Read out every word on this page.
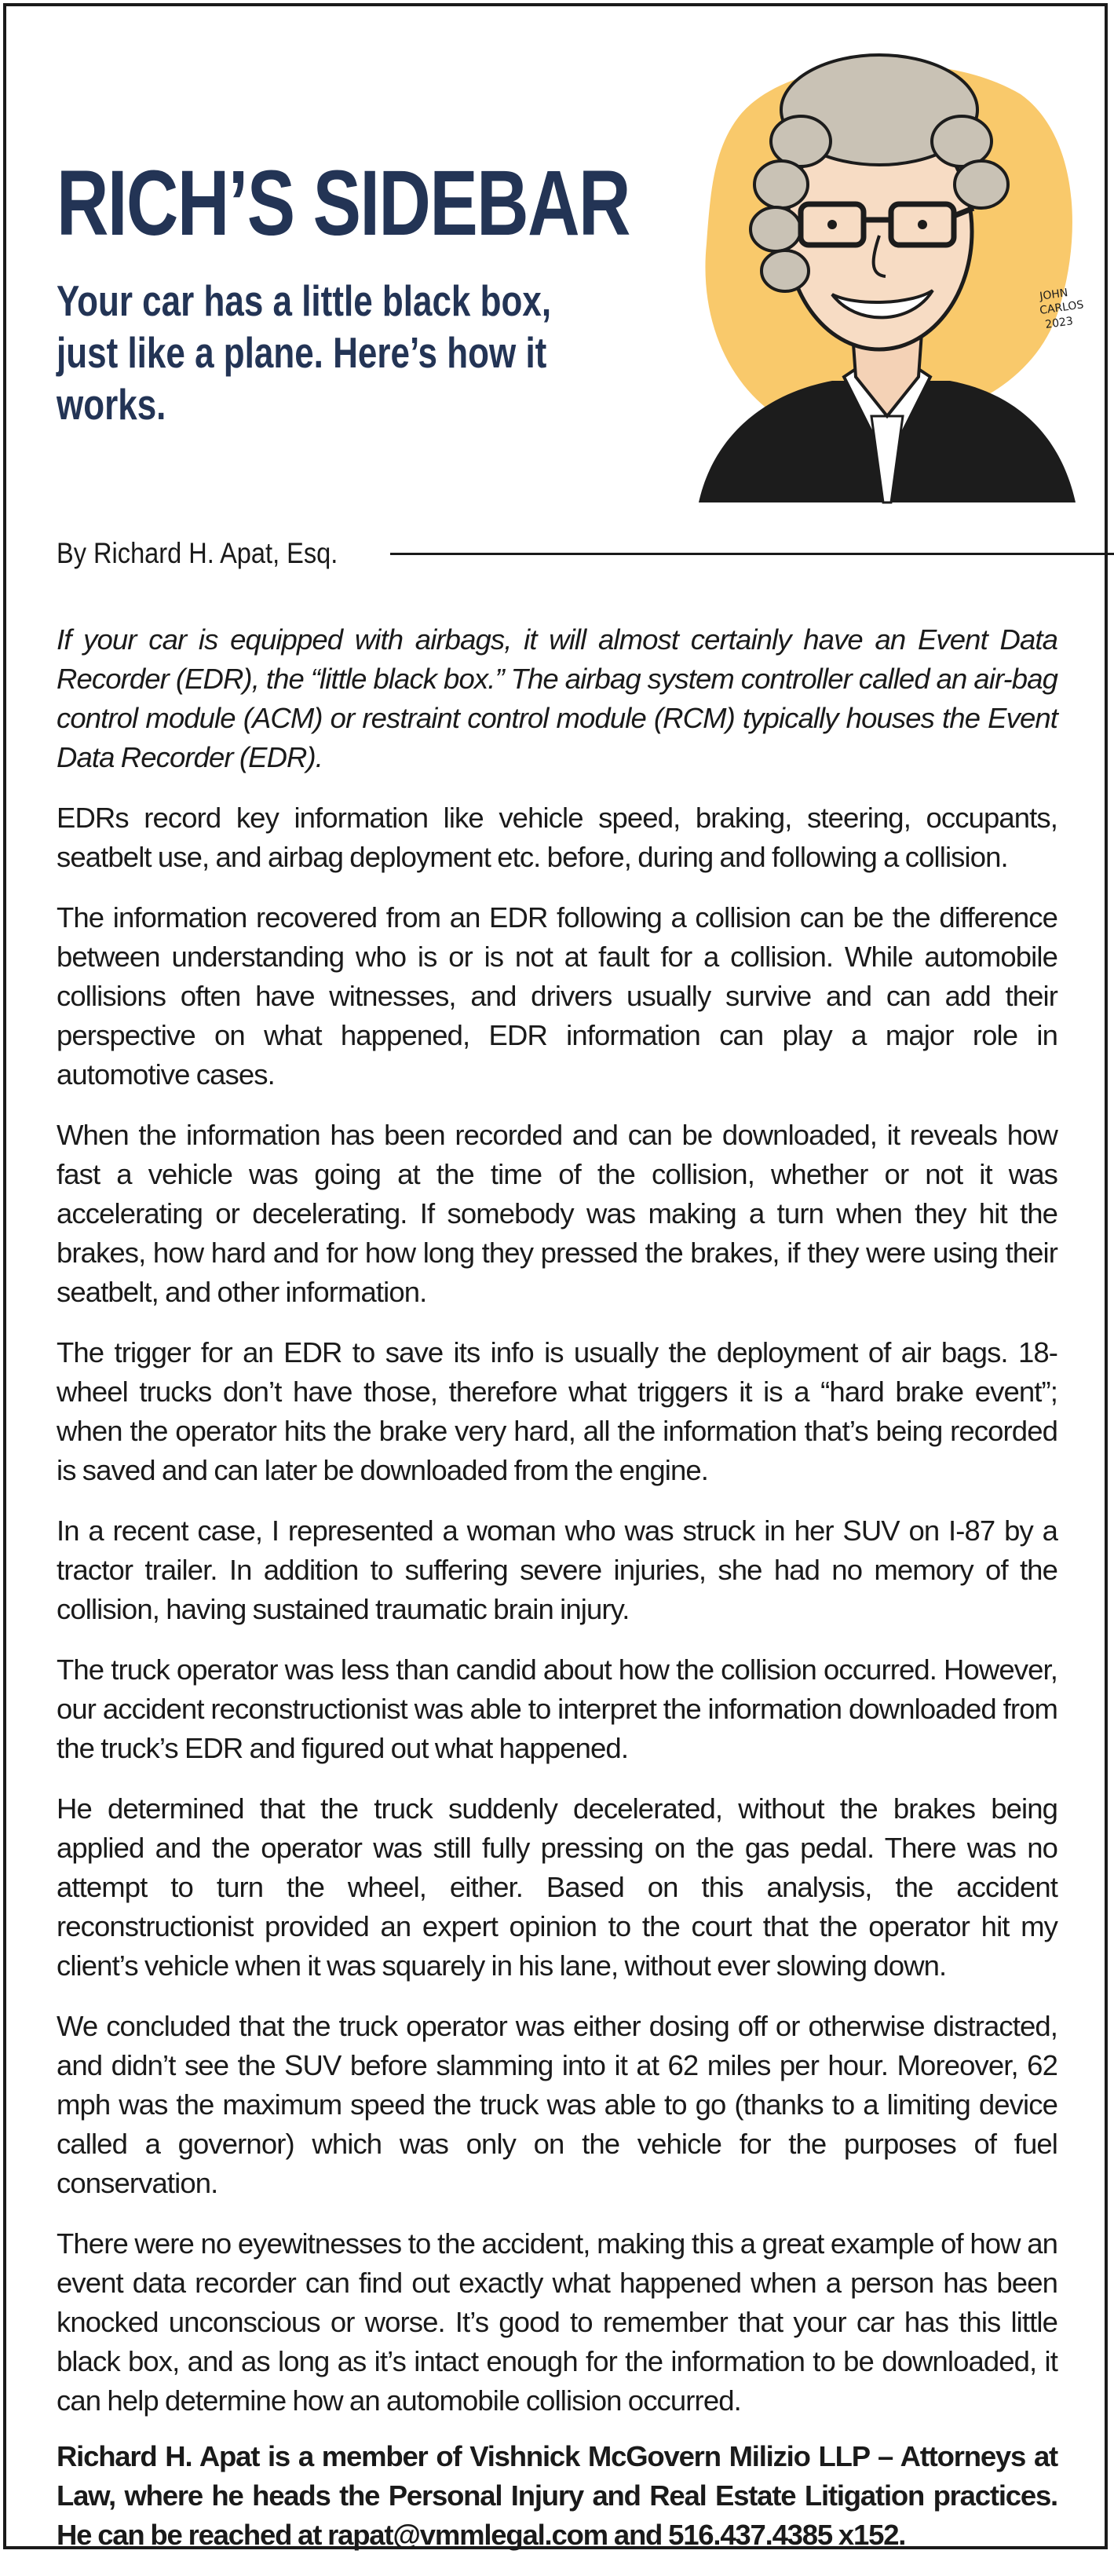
RICH’S SIDEBAR
Your car has a little black box, just like a plane. Here’s how it works.
JOHN
CARLOS
2023
By Richard H. Apat, Esq.

If your car is equipped with airbags, it will almost certainly have an Event Data Recorder (EDR), the “little black box.” The airbag system controller called an air-bag control module (ACM) or restraint control module (RCM) typically houses the Event Data Recorder (EDR).

EDRs record key information like vehicle speed, braking, steering, occupants, seatbelt use, and airbag deployment etc. before, during and following a collision.

The information recovered from an EDR following a collision can be the difference between understanding who is or is not at fault for a collision. While automobile collisions often have witnesses, and drivers usually survive and can add their perspective on what happened, EDR information can play a major role in automotive cases.

When the information has been recorded and can be downloaded, it reveals how fast a vehicle was going at the time of the collision, whether or not it was accelerating or decelerating. If somebody was making a turn when they hit the brakes, how hard and for how long they pressed the brakes, if they were using their seatbelt, and other information.

The trigger for an EDR to save its info is usually the deployment of air bags. 18-wheel trucks don’t have those, therefore what triggers it is a “hard brake event”; when the operator hits the brake very hard, all the information that’s being recorded is saved and can later be downloaded from the engine.

In a recent case, I represented a woman who was struck in her SUV on I-87 by a tractor trailer. In addition to suffering severe injuries, she had no memory of the collision, having sustained traumatic brain injury.

The truck operator was less than candid about how the collision occurred. However, our accident reconstructionist was able to interpret the information downloaded from the truck’s EDR and figured out what happened.

He determined that the truck suddenly decelerated, without the brakes being applied and the operator was still fully pressing on the gas pedal. There was no attempt to turn the wheel, either. Based on this analysis, the accident reconstructionist provided an expert opinion to the court that the operator hit my client’s vehicle when it was squarely in his lane, without ever slowing down.

We concluded that the truck operator was either dosing off or otherwise distracted, and didn’t see the SUV before slamming into it at 62 miles per hour. Moreover, 62 mph was the maximum speed the truck was able to go (thanks to a limiting device called a governor) which was only on the vehicle for the purposes of fuel conservation.

There were no eyewitnesses to the accident, making this a great example of how an event data recorder can find out exactly what happened when a person has been knocked unconscious or worse. It’s good to remember that your car has this little black box, and as long as it’s intact enough for the information to be downloaded, it can help determine how an automobile collision occurred.

Richard H. Apat is a member of Vishnick McGovern Milizio LLP – Attorneys at Law, where he heads the Personal Injury and Real Estate Litigation practices. He can be reached at rapat@vmmlegal.com and 516.437.4385 x152.
